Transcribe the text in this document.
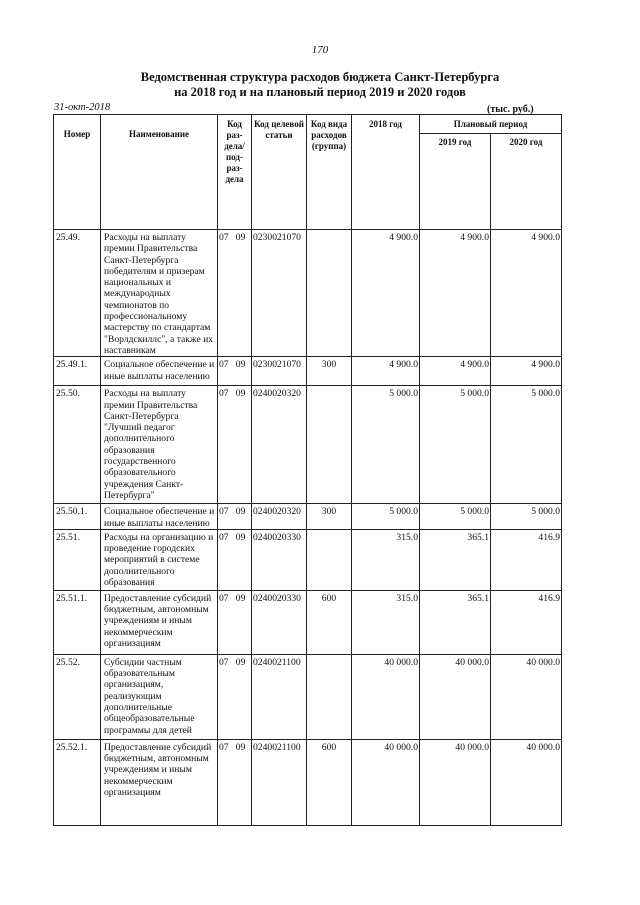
170
Ведомственная структура расходов бюджета Санкт-Петербурга
на 2018 год и на плановый период 2019 и 2020 годов
31-окт-2018	(тыс. руб.)
Номер	Наименование	Код раз-дела/ под-раз-дела	Код целевой статьи	Код вида расходов (группа)	2018 год	Плановый период	
						2019 год	2020 год
25.49.	Расходы на выплату премии Правительства Санкт-Петербурга победителям и призерам национальных и международных чемпионатов по профессиональному мастерству по стандартам "Ворлдскиллс", а также их наставникам	07   09	0230021070		4 900.0	4 900.0	4 900.0
25.49.1.	Социальное обеспечение и иные выплаты населению	07   09	0230021070	300	4 900.0	4 900.0	4 900.0
25.50.	Расходы на выплату премии Правительства Санкт-Петербурга "Лучший педагог дополнительного образования государственного образовательного учреждения Санкт-Петербурга"	07   09	0240020320		5 000.0	5 000.0	5 000.0
25.50.1.	Социальное обеспечение и иные выплаты населению	07   09	0240020320	300	5 000.0	5 000.0	5 000.0
25.51.	Расходы на организацию и проведение городских мероприятий в системе дополнительного образования	07   09	0240020330		315.0	365.1	416.9
25.51.1.	Предоставление субсидий бюджетным, автономным учреждениям и иным некоммерческим организациям	07   09	0240020330	600	315.0	365.1	416.9
25.52.	Субсидии частным образовательным организациям, реализующим дополнительные общеобразовательные программы для детей	07   09	0240021100		40 000.0	40 000.0	40 000.0
25.52.1.	Предоставление субсидий бюджетным, автономным учреждениям и иным некоммерческим организациям	07   09	0240021100	600	40 000.0	40 000.0	40 000.0
